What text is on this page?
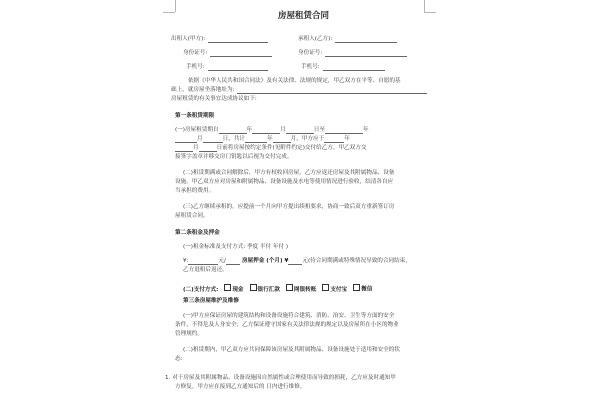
房屋租赁合同
出租人(甲方):	承租人(乙方):
身份证号:	身份证号:
手机号:	手机号:
依据《中华人民共和国合同法》及有关法律、法规的规定，甲乙双方在平等、自愿的基
础上，就房屋坐落地址为:
房屋租赁的有关事宜达成协议如下:
第一条租赁期限
(一)房屋租赁期自	年	月	日至	年
月	日，共计	年	月。甲方应于	年
月	日前将房屋按约定条件(见附件约定)交付给乙方。甲乙双方交
接签字盖章并移交房门钥匙以后视为交付完成。
(二)租赁期满或合同解除后，甲方有权收回房屋，乙方应返还房屋及其附属物品、设备
设施。甲乙双方应对房屋和附属物品、设备设施及水电等使用情况进行验收，结清各自应
当承担的费用。
(三)乙方继续承租的，应提前一个月向甲方提出续租要求，协商一致后双方重新签订房
屋租赁合同。
第二条租金及押金
(一)租金标准及支付方式: 季度 半付 年付 )
¥:	元/	房屋押金 (个月) ¥	元(待合同期满或特殊情况导致的合同结束，
乙方退租后返还。
(二)支付方式:	现金	银行汇款	网银转账	支付宝	微信
第三条房屋维护及维修
(一)甲方应保证房屋的建筑结构和设备设施符合建筑、消防、治安、卫生等方面的安全
条件，不得危及人身安全；乙方保证遵守国家有关法律法规的规定以及房屋所在小区的物业
管理规约。
(二)租赁期内，甲乙双方应共同保障该房屋及其附属物品、设备设施处于适用和安全的状
态:
1. 对于房屋及其附属物品、设备设施因自然属性或合理使用而导致的损耗，乙方应及时通知甲
方修复。甲方应在接到乙方通知后的 日内进行维修。
